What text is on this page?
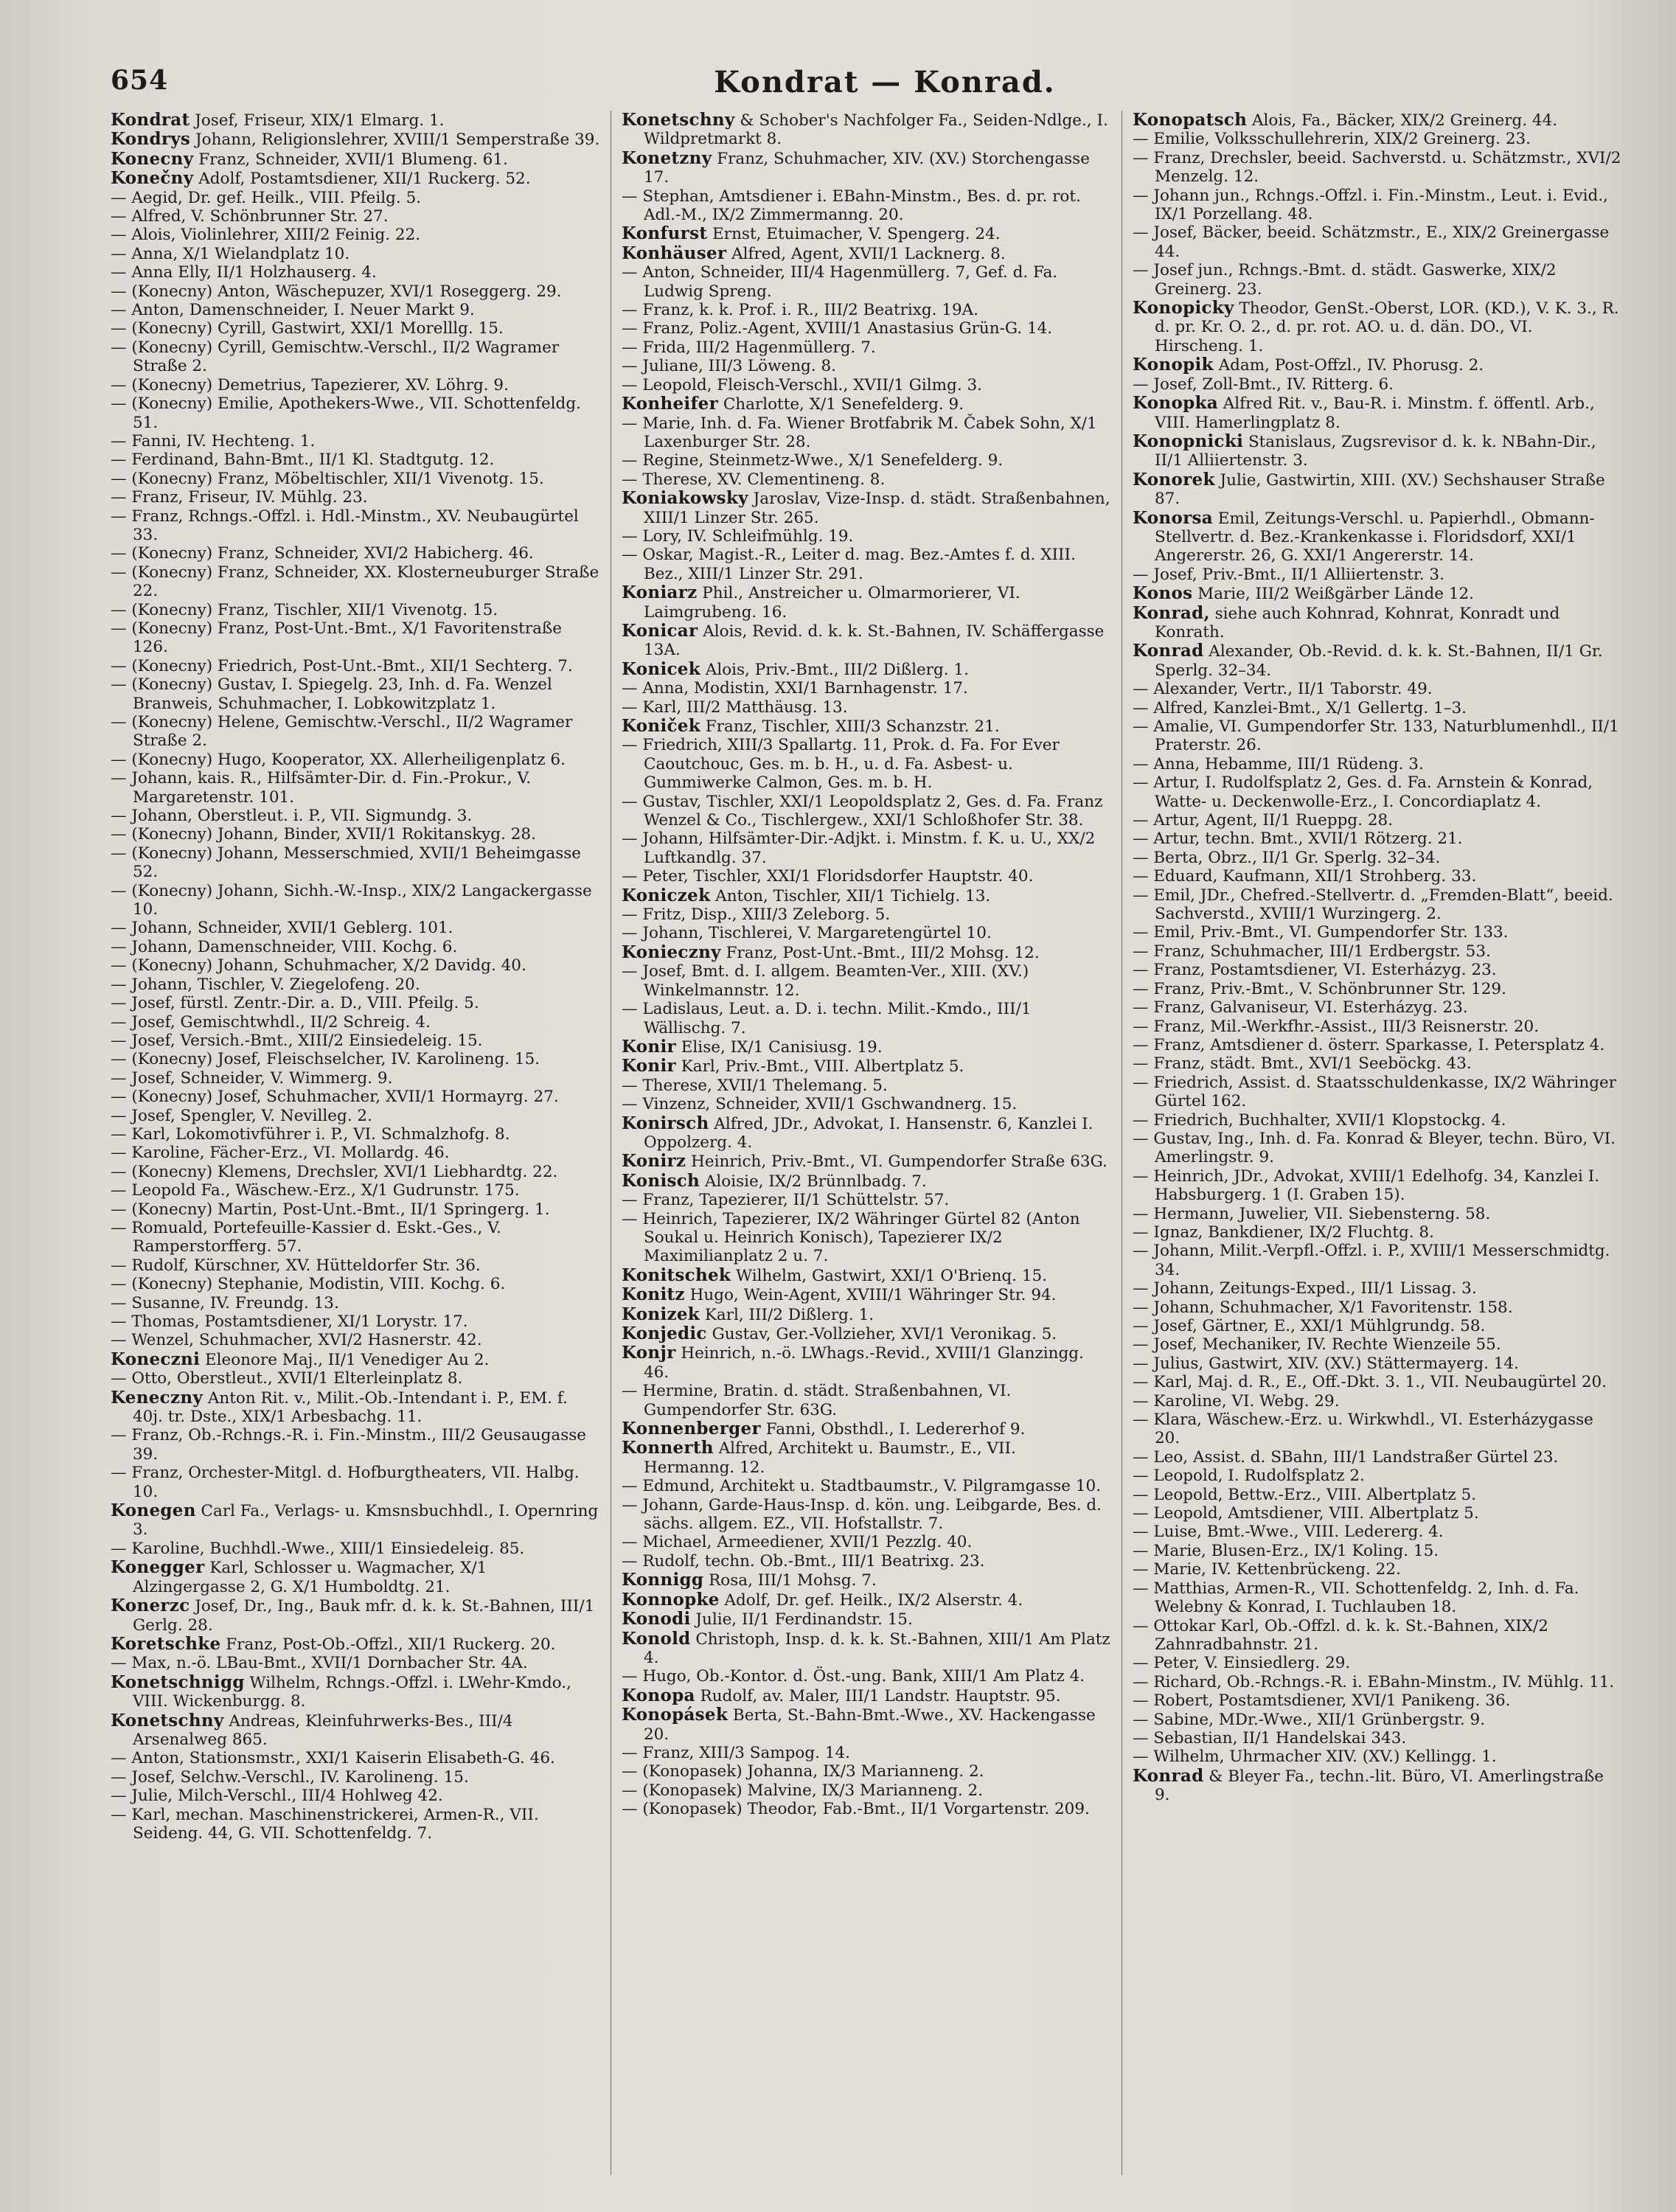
654	Kondrat — Konrad.

Kondrat Josef, Friseur, XIX/1 Elmarg. 1.

Kondrys Johann, Religionslehrer, XVIII/1 Semperstraße 39.

Konecny Franz, Schneider, XVII/1 Blumeng. 61.

Konečny Adolf, Postamtsdiener, XII/1 Ruckerg. 52.

— Aegid, Dr. gef. Heilk., VIII. Pfeilg. 5.

— Alfred, V. Schönbrunner Str. 27.

— Alois, Violinlehrer, XIII/2 Feinig. 22.

— Anna, X/1 Wielandplatz 10.

— Anna Elly, II/1 Holzhauserg. 4.

— (Konecny) Anton, Wäschepuzer, XVI/1 Roseggerg. 29.

— Anton, Damenschneider, I. Neuer Markt 9.

— (Konecny) Cyrill, Gastwirt, XXI/1 Morelllg. 15.

— (Konecny) Cyrill, Gemischtw.-Verschl., II/2 Wagramer Straße 2.

— (Konecny) Demetrius, Tapezierer, XV. Löhrg. 9.

— (Konecny) Emilie, Apothekers-Wwe., VII. Schottenfeldg. 51.

— Fanni, IV. Hechteng. 1.

— Ferdinand, Bahn-Bmt., II/1 Kl. Stadtgutg. 12.

— (Konecny) Franz, Möbeltischler, XII/1 Vivenotg. 15.

— Franz, Friseur, IV. Mühlg. 23.

— Franz, Rchngs.-Offzl. i. Hdl.-Minstm., XV. Neubaugürtel 33.

— (Konecny) Franz, Schneider, XVI/2 Habicherg. 46.

— (Konecny) Franz, Schneider, XX. Klosterneuburger Straße 22.

— (Konecny) Franz, Tischler, XII/1 Vivenotg. 15.

— (Konecny) Franz, Post-Unt.-Bmt., X/1 Favoritenstraße 126.

— (Konecny) Friedrich, Post-Unt.-Bmt., XII/1 Sechterg. 7.

— (Konecny) Gustav, I. Spiegelg. 23, Inh. d. Fa. Wenzel Branweis, Schuhmacher, I. Lobkowitzplatz 1.

— (Konecny) Helene, Gemischtw.-Verschl., II/2 Wagramer Straße 2.

— (Konecny) Hugo, Kooperator, XX. Allerheiligenplatz 6.

— Johann, kais. R., Hilfsämter-Dir. d. Fin.-Prokur., V. Margaretenstr. 101.

— Johann, Oberstleut. i. P., VII. Sigmundg. 3.

— (Konecny) Johann, Binder, XVII/1 Rokitanskyg. 28.

— (Konecny) Johann, Messerschmied, XVII/1 Beheimgasse 52.

— (Konecny) Johann, Sichh.-W.-Insp., XIX/2 Langackergasse 10.

— Johann, Schneider, XVII/1 Geblerg. 101.

— Johann, Damenschneider, VIII. Kochg. 6.

— (Konecny) Johann, Schuhmacher, X/2 Davidg. 40.

— Johann, Tischler, V. Ziegelofeng. 20.

— Josef, fürstl. Zentr.-Dir. a. D., VIII. Pfeilg. 5.

— Josef, Gemischtwhdl., II/2 Schreig. 4.

— Josef, Versich.-Bmt., XIII/2 Einsiedeleig. 15.

— (Konecny) Josef, Fleischselcher, IV. Karolineng. 15.

— Josef, Schneider, V. Wimmerg. 9.

— (Konecny) Josef, Schuhmacher, XVII/1 Hormayrg. 27.

— Josef, Spengler, V. Nevilleg. 2.

— Karl, Lokomotivführer i. P., VI. Schmalzhofg. 8.

— Karoline, Fächer-Erz., VI. Mollardg. 46.

— (Konecny) Klemens, Drechsler, XVI/1 Liebhardtg. 22.

— Leopold Fa., Wäschew.-Erz., X/1 Gudrunstr. 175.

— (Konecny) Martin, Post-Unt.-Bmt., II/1 Springerg. 1.

— Romuald, Portefeuille-Kassier d. Eskt.-Ges., V. Ramperstorfferg. 57.

— Rudolf, Kürschner, XV. Hütteldorfer Str. 36.

— (Konecny) Stephanie, Modistin, VIII. Kochg. 6.

— Susanne, IV. Freundg. 13.

— Thomas, Postamtsdiener, XI/1 Lorystr. 17.

— Wenzel, Schuhmacher, XVI/2 Hasnerstr. 42.

Koneczni Eleonore Maj., II/1 Venediger Au 2.

— Otto, Oberstleut., XVII/1 Elterleinplatz 8.

Keneczny Anton Rit. v., Milit.-Ob.-Intendant i. P., EM. f. 40j. tr. Dste., XIX/1 Arbesbachg. 11.

— Franz, Ob.-Rchngs.-R. i. Fin.-Minstm., III/2 Geusaugasse 39.

— Franz, Orchester-Mitgl. d. Hofburgtheaters, VII. Halbg. 10.

Konegen Carl Fa., Verlags- u. Kmsnsbuchhdl., I. Opernring 3.

— Karoline, Buchhdl.-Wwe., XIII/1 Einsiedeleig. 85.

Konegger Karl, Schlosser u. Wagmacher, X/1 Alzingergasse 2, G. X/1 Humboldtg. 21.

Konerzc Josef, Dr., Ing., Bauk mfr. d. k. k. St.-Bahnen, III/1 Gerlg. 28.

Koretschke Franz, Post-Ob.-Offzl., XII/1 Ruckerg. 20.

— Max, n.-ö. LBau-Bmt., XVII/1 Dornbacher Str. 4A.

Konetschnigg Wilhelm, Rchngs.-Offzl. i. LWehr-Kmdo., VIII. Wickenburgg. 8.

Konetschny Andreas, Kleinfuhrwerks-Bes., III/4 Arsenalweg 865.

— Anton, Stationsmstr., XXI/1 Kaiserin Elisabeth-G. 46.

— Josef, Selchw.-Verschl., IV. Karolineng. 15.

— Julie, Milch-Verschl., III/4 Hohlweg 42.

— Karl, mechan. Maschinenstrickerei, Armen-R., VII. Seideng. 44, G. VII. Schottenfeldg. 7.

Konetschny & Schober's Nachfolger Fa., Seiden-Ndlge., I. Wildpretmarkt 8.

Konetzny Franz, Schuhmacher, XIV. (XV.) Storchengasse 17.

— Stephan, Amtsdiener i. EBahn-Minstm., Bes. d. pr. rot. Adl.-M., IX/2 Zimmermanng. 20.

Konfurst Ernst, Etuimacher, V. Spengerg. 24.

Konhäuser Alfred, Agent, XVII/1 Lacknerg. 8.

— Anton, Schneider, III/4 Hagenmüllerg. 7, Gef. d. Fa. Ludwig Spreng.

— Franz, k. k. Prof. i. R., III/2 Beatrixg. 19A.

— Franz, Poliz.-Agent, XVIII/1 Anastasius Grün-G. 14.

— Frida, III/2 Hagenmüllerg. 7.

— Juliane, III/3 Löweng. 8.

— Leopold, Fleisch-Verschl., XVII/1 Gilmg. 3.

Konheifer Charlotte, X/1 Senefelderg. 9.

— Marie, Inh. d. Fa. Wiener Brotfabrik M. Čabek Sohn, X/1 Laxenburger Str. 28.

— Regine, Steinmetz-Wwe., X/1 Senefelderg. 9.

— Therese, XV. Clementineng. 8.

Koniakowsky Jaroslav, Vize-Insp. d. städt. Straßenbahnen, XIII/1 Linzer Str. 265.

— Lory, IV. Schleifmühlg. 19.

— Oskar, Magist.-R., Leiter d. mag. Bez.-Amtes f. d. XIII. Bez., XIII/1 Linzer Str. 291.

Koniarz Phil., Anstreicher u. Olmarmorierer, VI. Laimgrubeng. 16.

Konicar Alois, Revid. d. k. k. St.-Bahnen, IV. Schäffergasse 13A.

Konicek Alois, Priv.-Bmt., III/2 Dißlerg. 1.

— Anna, Modistin, XXI/1 Barnhagenstr. 17.

— Karl, III/2 Matthäusg. 13.

Koniček Franz, Tischler, XIII/3 Schanzstr. 21.

— Friedrich, XIII/3 Spallartg. 11, Prok. d. Fa. For Ever Caoutchouc, Ges. m. b. H., u. d. Fa. Asbest- u. Gummiwerke Calmon, Ges. m. b. H.

— Gustav, Tischler, XXI/1 Leopoldsplatz 2, Ges. d. Fa. Franz Wenzel & Co., Tischlergew., XXI/1 Schloßhofer Str. 38.

— Johann, Hilfsämter-Dir.-Adjkt. i. Minstm. f. K. u. U., XX/2 Luftkandlg. 37.

— Peter, Tischler, XXI/1 Floridsdorfer Hauptstr. 40.

Koniczek Anton, Tischler, XII/1 Tichielg. 13.

— Fritz, Disp., XIII/3 Zeleborg. 5.

— Johann, Tischlerei, V. Margaretengürtel 10.

Konieczny Franz, Post-Unt.-Bmt., III/2 Mohsg. 12.

— Josef, Bmt. d. I. allgem. Beamten-Ver., XIII. (XV.) Winkelmannstr. 12.

— Ladislaus, Leut. a. D. i. techn. Milit.-Kmdo., III/1 Wällischg. 7.

Konir Elise, IX/1 Canisiusg. 19.

Konir Karl, Priv.-Bmt., VIII. Albertplatz 5.

— Therese, XVII/1 Thelemang. 5.

— Vinzenz, Schneider, XVII/1 Gschwandnerg. 15.

Konirsch Alfred, JDr., Advokat, I. Hansenstr. 6, Kanzlei I. Oppolzerg. 4.

Konirz Heinrich, Priv.-Bmt., VI. Gumpendorfer Straße 63G.

Konisch Aloisie, IX/2 Brünnlbadg. 7.

— Franz, Tapezierer, II/1 Schüttelstr. 57.

— Heinrich, Tapezierer, IX/2 Währinger Gürtel 82 (Anton Soukal u. Heinrich Konisch), Tapezierer IX/2 Maximilianplatz 2 u. 7.

Konitschek Wilhelm, Gastwirt, XXI/1 O'Brienq. 15.

Konitz Hugo, Wein-Agent, XVIII/1 Währinger Str. 94.

Konizek Karl, III/2 Dißlerg. 1.

Konjedic Gustav, Ger.-Vollzieher, XVI/1 Veronikag. 5.

Konjr Heinrich, n.-ö. LWhags.-Revid., XVIII/1 Glanzingg. 46.

— Hermine, Bratin. d. städt. Straßenbahnen, VI. Gumpendorfer Str. 63G.

Konnenberger Fanni, Obsthdl., I. Ledererhof 9.

Konnerth Alfred, Architekt u. Baumstr., E., VII. Hermanng. 12.

— Edmund, Architekt u. Stadtbaumstr., V. Pilgramgasse 10.

— Johann, Garde-Haus-Insp. d. kön. ung. Leibgarde, Bes. d. sächs. allgem. EZ., VII. Hofstallstr. 7.

— Michael, Armeediener, XVII/1 Pezzlg. 40.

— Rudolf, techn. Ob.-Bmt., III/1 Beatrixg. 23.

Konnigg Rosa, III/1 Mohsg. 7.

Konnopke Adolf, Dr. gef. Heilk., IX/2 Alserstr. 4.

Konodi Julie, II/1 Ferdinandstr. 15.

Konold Christoph, Insp. d. k. k. St.-Bahnen, XIII/1 Am Platz 4.

— Hugo, Ob.-Kontor. d. Öst.-ung. Bank, XIII/1 Am Platz 4.

Konopa Rudolf, av. Maler, III/1 Landstr. Hauptstr. 95.

Konopásek Berta, St.-Bahn-Bmt.-Wwe., XV. Hackengasse 20.

— Franz, XIII/3 Sampog. 14.

— (Konopasek) Johanna, IX/3 Marianneng. 2.

— (Konopasek) Malvine, IX/3 Marianneng. 2.

— (Konopasek) Theodor, Fab.-Bmt., II/1 Vorgartenstr. 209.

Konopatsch Alois, Fa., Bäcker, XIX/2 Greinerg. 44.

— Emilie, Volksschullehrerin, XIX/2 Greinerg. 23.

— Franz, Drechsler, beeid. Sachverstd. u. Schätzmstr., XVI/2 Menzelg. 12.

— Johann jun., Rchngs.-Offzl. i. Fin.-Minstm., Leut. i. Evid., IX/1 Porzellang. 48.

— Josef, Bäcker, beeid. Schätzmstr., E., XIX/2 Greinergasse 44.

— Josef jun., Rchngs.-Bmt. d. städt. Gaswerke, XIX/2 Greinerg. 23.

Konopicky Theodor, GenSt.-Oberst, LOR. (KD.), V. K. 3., R. d. pr. Kr. O. 2., d. pr. rot. AO. u. d. dän. DO., VI. Hirscheng. 1.

Konopik Adam, Post-Offzl., IV. Phorusg. 2.

— Josef, Zoll-Bmt., IV. Ritterg. 6.

Konopka Alfred Rit. v., Bau-R. i. Minstm. f. öffentl. Arb., VIII. Hamerlingplatz 8.

Konopnicki Stanislaus, Zugsrevisor d. k. k. NBahn-Dir., II/1 Alliiertenstr. 3.

Konorek Julie, Gastwirtin, XIII. (XV.) Sechshauser Straße 87.

Konorsa Emil, Zeitungs-Verschl. u. Papierhdl., Obmann-Stellvertr. d. Bez.-Krankenkasse i. Floridsdorf, XXI/1 Angererstr. 26, G. XXI/1 Angererstr. 14.

— Josef, Priv.-Bmt., II/1 Alliiertenstr. 3.

Konos Marie, III/2 Weißgärber Lände 12.

Konrad, siehe auch Kohnrad, Kohnrat, Konradt und Konrath.

Konrad Alexander, Ob.-Revid. d. k. k. St.-Bahnen, II/1 Gr. Sperlg. 32–34.

— Alexander, Vertr., II/1 Taborstr. 49.

— Alfred, Kanzlei-Bmt., X/1 Gellertg. 1–3.

— Amalie, VI. Gumpendorfer Str. 133, Naturblumenhdl., II/1 Praterstr. 26.

— Anna, Hebamme, III/1 Rüdeng. 3.

— Artur, I. Rudolfsplatz 2, Ges. d. Fa. Arnstein & Konrad, Watte- u. Deckenwolle-Erz., I. Concordiaplatz 4.

— Artur, Agent, II/1 Rueppg. 28.

— Artur, techn. Bmt., XVII/1 Rötzerg. 21.

— Berta, Obrz., II/1 Gr. Sperlg. 32–34.

— Eduard, Kaufmann, XII/1 Strohberg. 33.

— Emil, JDr., Chefred.-Stellvertr. d. „Fremden-Blatt“, beeid. Sachverstd., XVIII/1 Wurzingerg. 2.

— Emil, Priv.-Bmt., VI. Gumpendorfer Str. 133.

— Franz, Schuhmacher, III/1 Erdbergstr. 53.

— Franz, Postamtsdiener, VI. Esterházyg. 23.

— Franz, Priv.-Bmt., V. Schönbrunner Str. 129.

— Franz, Galvaniseur, VI. Esterházyg. 23.

— Franz, Mil.-Werkfhr.-Assist., III/3 Reisnerstr. 20.

— Franz, Amtsdiener d. österr. Sparkasse, I. Petersplatz 4.

— Franz, städt. Bmt., XVI/1 Seeböckg. 43.

— Friedrich, Assist. d. Staatsschuldenkasse, IX/2 Währinger Gürtel 162.

— Friedrich, Buchhalter, XVII/1 Klopstockg. 4.

— Gustav, Ing., Inh. d. Fa. Konrad & Bleyer, techn. Büro, VI. Amerlingstr. 9.

— Heinrich, JDr., Advokat, XVIII/1 Edelhofg. 34, Kanzlei I. Habsburgerg. 1 (I. Graben 15).

— Hermann, Juwelier, VII. Siebensterng. 58.

— Ignaz, Bankdiener, IX/2 Fluchtg. 8.

— Johann, Milit.-Verpfl.-Offzl. i. P., XVIII/1 Messerschmidtg. 34.

— Johann, Zeitungs-Exped., III/1 Lissag. 3.

— Johann, Schuhmacher, X/1 Favoritenstr. 158.

— Josef, Gärtner, E., XXI/1 Mühlgrundg. 58.

— Josef, Mechaniker, IV. Rechte Wienzeile 55.

— Julius, Gastwirt, XIV. (XV.) Stättermayerg. 14.

— Karl, Maj. d. R., E., Off.-Dkt. 3. 1., VII. Neubaugürtel 20.

— Karoline, VI. Webg. 29.

— Klara, Wäschew.-Erz. u. Wirkwhdl., VI. Esterházygasse 20.

— Leo, Assist. d. SBahn, III/1 Landstraßer Gürtel 23.

— Leopold, I. Rudolfsplatz 2.

— Leopold, Bettw.-Erz., VIII. Albertplatz 5.

— Leopold, Amtsdiener, VIII. Albertplatz 5.

— Luise, Bmt.-Wwe., VIII. Ledererg. 4.

— Marie, Blusen-Erz., IX/1 Koling. 15.

— Marie, IV. Kettenbrückeng. 22.

— Matthias, Armen-R., VII. Schottenfeldg. 2, Inh. d. Fa. Welebny & Konrad, I. Tuchlauben 18.

— Ottokar Karl, Ob.-Offzl. d. k. k. St.-Bahnen, XIX/2 Zahnradbahnstr. 21.

— Peter, V. Einsiedlerg. 29.

— Richard, Ob.-Rchngs.-R. i. EBahn-Minstm., IV. Mühlg. 11.

— Robert, Postamtsdiener, XVI/1 Panikeng. 36.

— Sabine, MDr.-Wwe., XII/1 Grünbergstr. 9.

— Sebastian, II/1 Handelskai 343.

— Wilhelm, Uhrmacher XIV. (XV.) Kellingg. 1.

Konrad & Bleyer Fa., techn.-lit. Büro, VI. Amerlingstraße 9.
